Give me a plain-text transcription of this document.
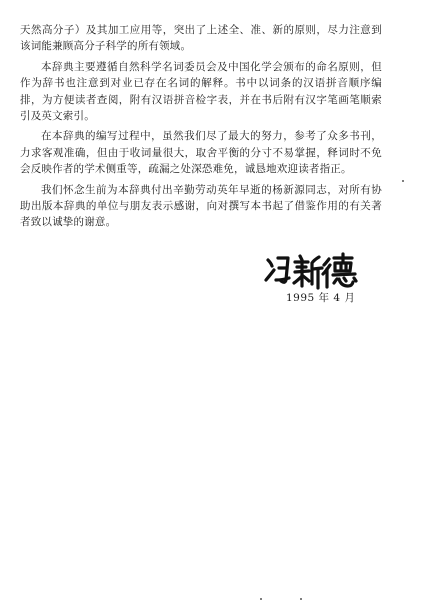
天然高分子）及其加工应用等，突出了上述全、准、新的原则，尽力注意到该词能兼顾高分子科学的所有领域。

本辞典主要遵循自然科学名词委员会及中国化学会颁布的命名原则，但作为辞书也注意到对业已存在名词的解释。书中以词条的汉语拼音顺序编排，为方便读者查阅，附有汉语拼音检字表，并在书后附有汉字笔画笔顺索引及英文索引。

在本辞典的编写过程中，虽然我们尽了最大的努力，参考了众多书刊，力求客观准确，但由于收词量很大，取舍平衡的分寸不易掌握，释词时不免会反映作者的学术侧重等，疏漏之处深恐难免，诚恳地欢迎读者指正。

我们怀念生前为本辞典付出辛勤劳动英年早逝的杨新源同志，对所有协助出版本辞典的单位与朋友表示感谢，向对撰写本书起了借鉴作用的有关著者致以诚挚的谢意。

1995 年 4 月
